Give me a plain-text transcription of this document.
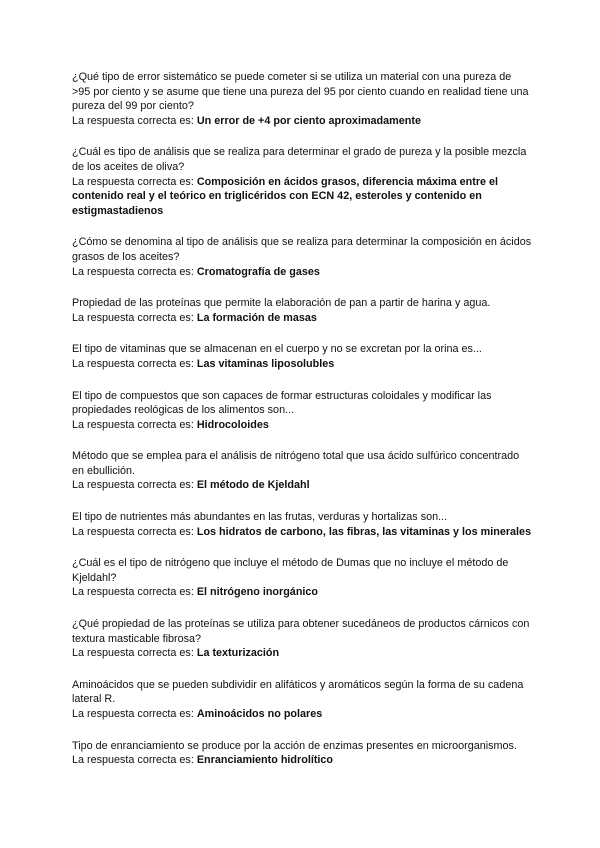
¿Qué tipo de error sistemático se puede cometer si se utiliza un material con una pureza de >95 por ciento y se asume que tiene una pureza del 95 por ciento cuando en realidad tiene una pureza del 99 por ciento?

La respuesta correcta es: Un error de +4 por ciento aproximadamente

¿Cuál es tipo de análisis que se realiza para determinar el grado de pureza y la posible mezcla de los aceites de oliva?

La respuesta correcta es: Composición en ácidos grasos, diferencia máxima entre el contenido real y el teórico en triglicéridos con ECN 42, esteroles y contenido en estigmastadienos

¿Cómo se denomina al tipo de análisis que se realiza para determinar la composición en ácidos grasos de los aceites?

La respuesta correcta es: Cromatografía de gases

Propiedad de las proteínas que permite la elaboración de pan a partir de harina y agua.

La respuesta correcta es: La formación de masas

El tipo de vitaminas que se almacenan en el cuerpo y no se excretan por la orina es...

La respuesta correcta es: Las vitaminas liposolubles

El tipo de compuestos que son capaces de formar estructuras coloidales y modificar las propiedades reológicas de los alimentos son...

La respuesta correcta es: Hidrocoloides

Método que se emplea para el análisis de nitrógeno total que usa ácido sulfúrico concentrado en ebullición.

La respuesta correcta es: El método de Kjeldahl

El tipo de nutrientes más abundantes en las frutas, verduras y hortalizas son...

La respuesta correcta es: Los hidratos de carbono, las fibras, las vitaminas y los minerales

¿Cuál es el tipo de nitrógeno que incluye el método de Dumas que no incluye el método de Kjeldahl?

La respuesta correcta es: El nitrógeno inorgánico

¿Qué propiedad de las proteínas se utiliza para obtener sucedáneos de productos cárnicos con textura masticable fibrosa?

La respuesta correcta es: La texturización

Aminoácidos que se pueden subdividir en alifáticos y aromáticos según la forma de su cadena lateral R.

La respuesta correcta es: Aminoácidos no polares

Tipo de enranciamiento se produce por la acción de enzimas presentes en microorganismos.

La respuesta correcta es: Enranciamiento hidrolítico
